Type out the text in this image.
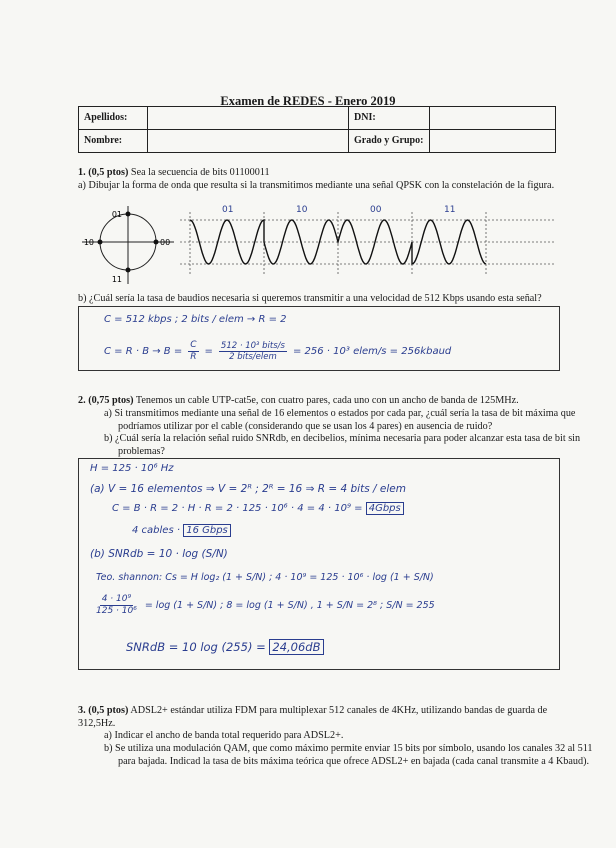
Examen de REDES - Enero 2019
Apellidos:		DNI:	
Nombre:		Grado y Grupo:	
1. (0,5 ptos) Sea la secuencia de bits 01100011
a) Dibujar la forma de onda que resulta si la transmitimos mediante una señal QPSK con la constelación de la figura.
01
10	00
11
01	10	00	11
b) ¿Cuál sería la tasa de baudios necesaria si queremos transmitir a una velocidad de 512 Kbps usando esta señal?
C = 512 kbps ; 2 bits / elem → R = 2
$C = R \cdot B \to B = \frac{C}{R} = 512 \cdot 10^3$ bits/s
2 bits/elem
= 256 · 10³ elem/s = 256kbaud
2. (0,75 ptos) Tenemos un cable UTP-cat5e, con cuatro pares, cada uno con un ancho de banda de 125MHz.
a) Si transmitimos mediante una señal de 16 elementos o estados por cada par, ¿cuál sería la tasa de bit máxima que podríamos utilizar por el cable (considerando que se usan los 4 pares) en ausencia de ruido?
b) ¿Cuál sería la relación señal ruido SNRdb, en decibelios, mínima necesaria para poder alcanzar esta tasa de bit sin problemas?
H = 125 · 10⁶ Hz
(a) V = 16 elementos ⇒ V = 2ᴿ ; 2ᴿ = 16 ⇒ R = 4 bits / elem
C = B · R = 2 · H · R = 2 · 125 · 10⁶ · 4 = 4 · 10⁹ = 4Gbps
4 cables · 16 Gbps
(b) SNRdb = 10 · log (S/N)
Teo. shannon: Cs = H log₂ (1 + S/N) ; 4 · 10⁹ = 125 · 10⁶ · log (1 + S/N)
$\frac{\text{4 · 10⁹}}{\text{125 · 10⁶}} = \log (1 + S/N)$ ; 8 = log (1 + S/N) , 1 + S/N = 2⁸ ; S/N = 255
SNRdB = 10 log (255) = 24,06dB
3. (0,5 ptos) ADSL2+ estándar utiliza FDM para multiplexar 512 canales de 4KHz, utilizando bandas de guarda de 312,5Hz.
a) Indicar el ancho de banda total requerido para ADSL2+.
b) Se utiliza una modulación QAM, que como máximo permite enviar 15 bits por símbolo, usando los canales 32 al 511 para bajada. Indicad la tasa de bits máxima teórica que ofrece ADSL2+ en bajada (cada canal transmite a 4 Kbaud).
